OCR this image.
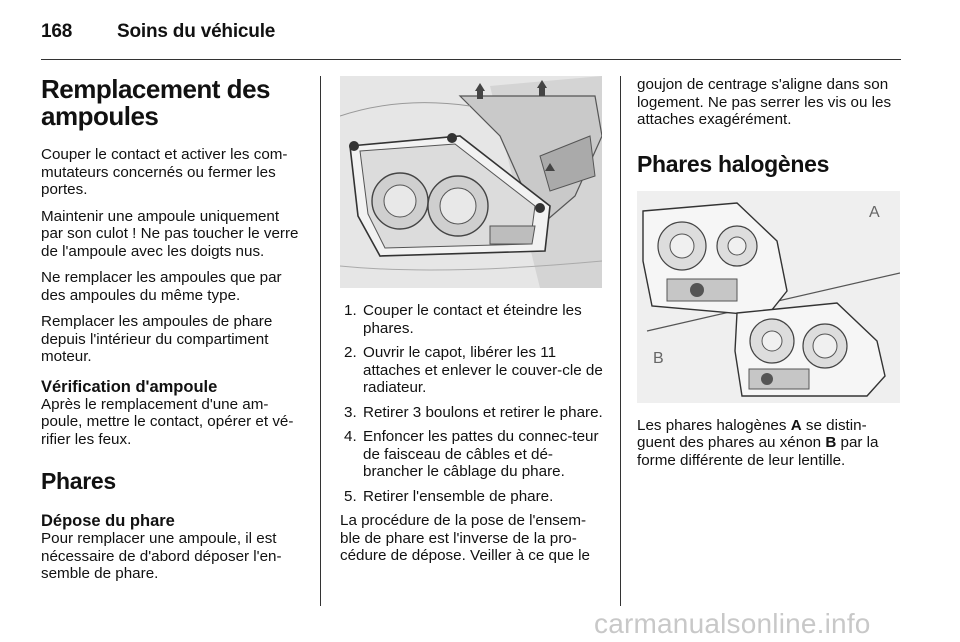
168 Soins du véhicule
Remplacement des ampoules

Couper le contact et activer les com-mutateurs concernés ou fermer les portes.

Maintenir une ampoule uniquement par son culot ! Ne pas toucher le verre de l'ampoule avec les doigts nus.

Ne remplacer les ampoules que par des ampoules du même type.

Remplacer les ampoules de phare depuis l'intérieur du compartiment moteur.

Vérification d'ampoule

Après le remplacement d'une am-poule, mettre le contact, opérer et vé-rifier les feux.

Phares
Dépose du phare

Pour remplacer une ampoule, il est nécessaire de d'abord déposer l'en-semble de phare.

1. Couper le contact et éteindre les phares.
2. Ouvrir le capot, libérer les 11 attaches et enlever le couver-cle de radiateur.
3. Retirer 3 boulons et retirer le phare.
4. Enfoncer les pattes du connec-teur de faisceau de câbles et dé-brancher le câblage du phare.
5. Retirer l'ensemble de phare.

La procédure de la pose de l'ensem-ble de phare est l'inverse de la pro-cédure de dépose. Veiller à ce que le

goujon de centrage s'aligne dans son logement. Ne pas serrer les vis ou les attaches exagérément.

Phares halogènes
A
B

Les phares halogènes A se distin-guent des phares au xénon B par la forme différente de leur lentille.

carmanualsonline.info
